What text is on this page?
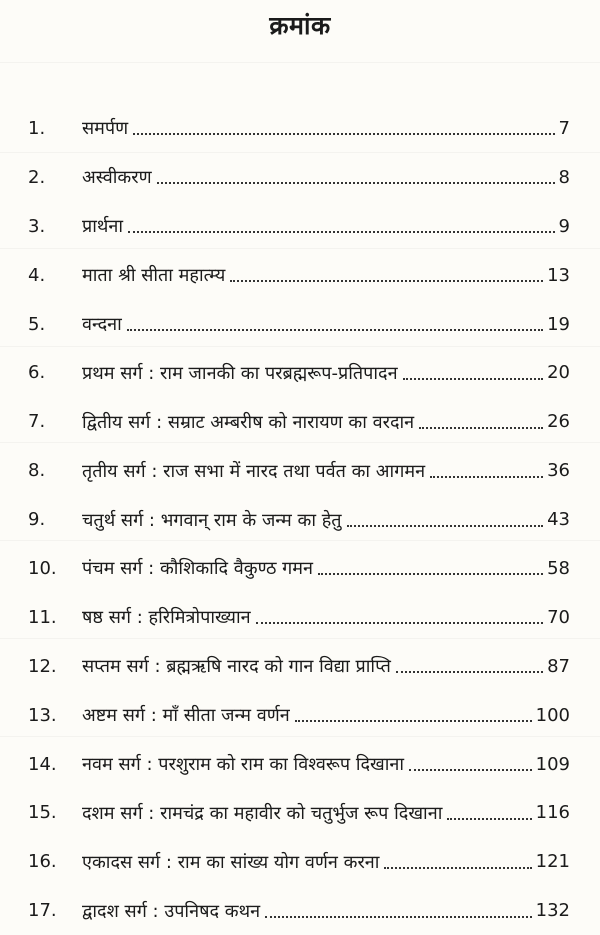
क्रमांक
1.	समर्पण	7
2.	अस्वीकरण	8
3.	प्रार्थना	9
4.	माता श्री सीता महात्म्य	13
5.	वन्दना	19
6.	प्रथम सर्ग : राम जानकी का परब्रह्मरूप-प्रतिपादन	20
7.	द्वितीय सर्ग : सम्राट अम्बरीष को नारायण का वरदान	26
8.	तृतीय सर्ग : राज सभा में नारद तथा पर्वत का आगमन	36
9.	चतुर्थ सर्ग : भगवान् राम के जन्म का हेतु	43
10.	पंचम सर्ग : कौशिकादि वैकुण्ठ गमन	58
11.	षष्ठ सर्ग : हरिमित्रोपाख्यान	70
12.	सप्तम सर्ग : ब्रह्मऋषि नारद को गान विद्या प्राप्ति	87
13.	अष्टम सर्ग : माँ सीता जन्म वर्णन	100
14.	नवम सर्ग : परशुराम को राम का विश्वरूप दिखाना	109
15.	दशम सर्ग : रामचंद्र का महावीर को चतुर्भुज रूप दिखाना	116
16.	एकादस सर्ग : राम का सांख्य योग वर्णन करना	121
17.	द्वादश सर्ग : उपनिषद कथन	132
